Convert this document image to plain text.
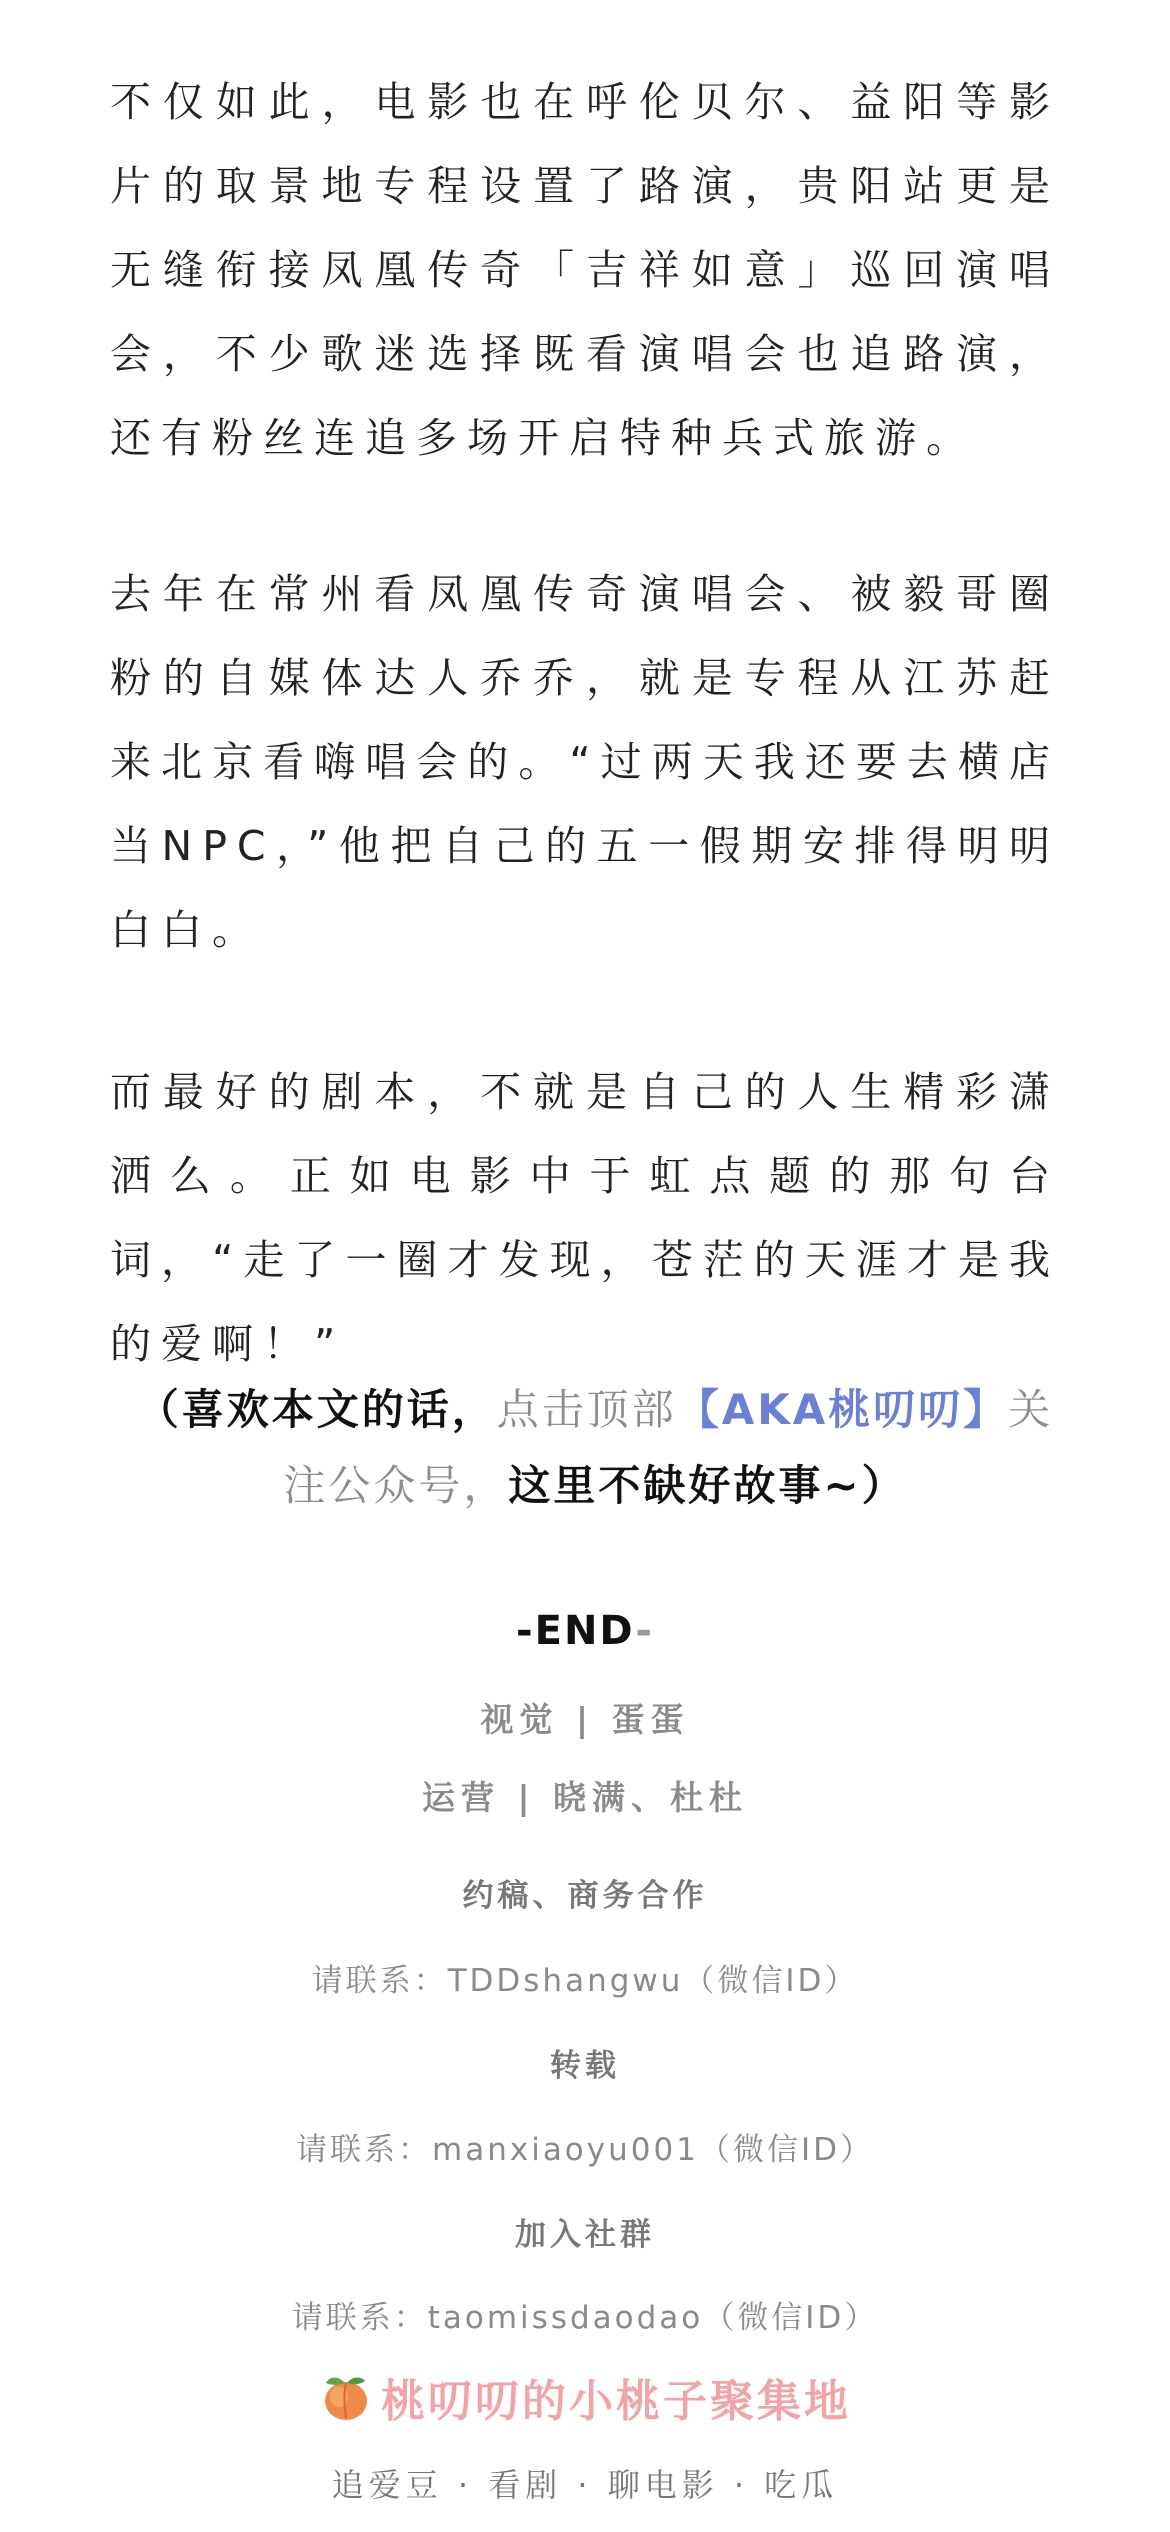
不仅如此，电影也在呼伦贝尔、益阳等影片的取景地专程设置了路演，贵阳站更是无缝衔接凤凰传奇「吉祥如意」巡回演唱会，不少歌迷选择既看演唱会也追路演，还有粉丝连追多场开启特种兵式旅游。

去年在常州看凤凰传奇演唱会、被毅哥圈粉的自媒体达人乔乔，就是专程从江苏赶来北京看嗨唱会的。“过两天我还要去横店当NPC，”他把自己的五一假期安排得明明白白。

而最好的剧本，不就是自己的人生精彩潇洒么。正如电影中于虹点题的那句台词，“走了一圈才发现，苍茫的天涯才是我的爱啊！”

（喜欢本文的话，点击顶部【AKA桃叨叨】关注公众号，这里不缺好故事~）

-END-

视觉 | 蛋蛋

运营 | 晓满、杜杜

约稿、商务合作

请联系：TDDshangwu（微信ID）

转载

请联系：manxiaoyu001（微信ID）

加入社群

请联系：taomissdaodao（微信ID）

桃叨叨的小桃子聚集地

追爱豆 · 看剧 · 聊电影 · 吃瓜
